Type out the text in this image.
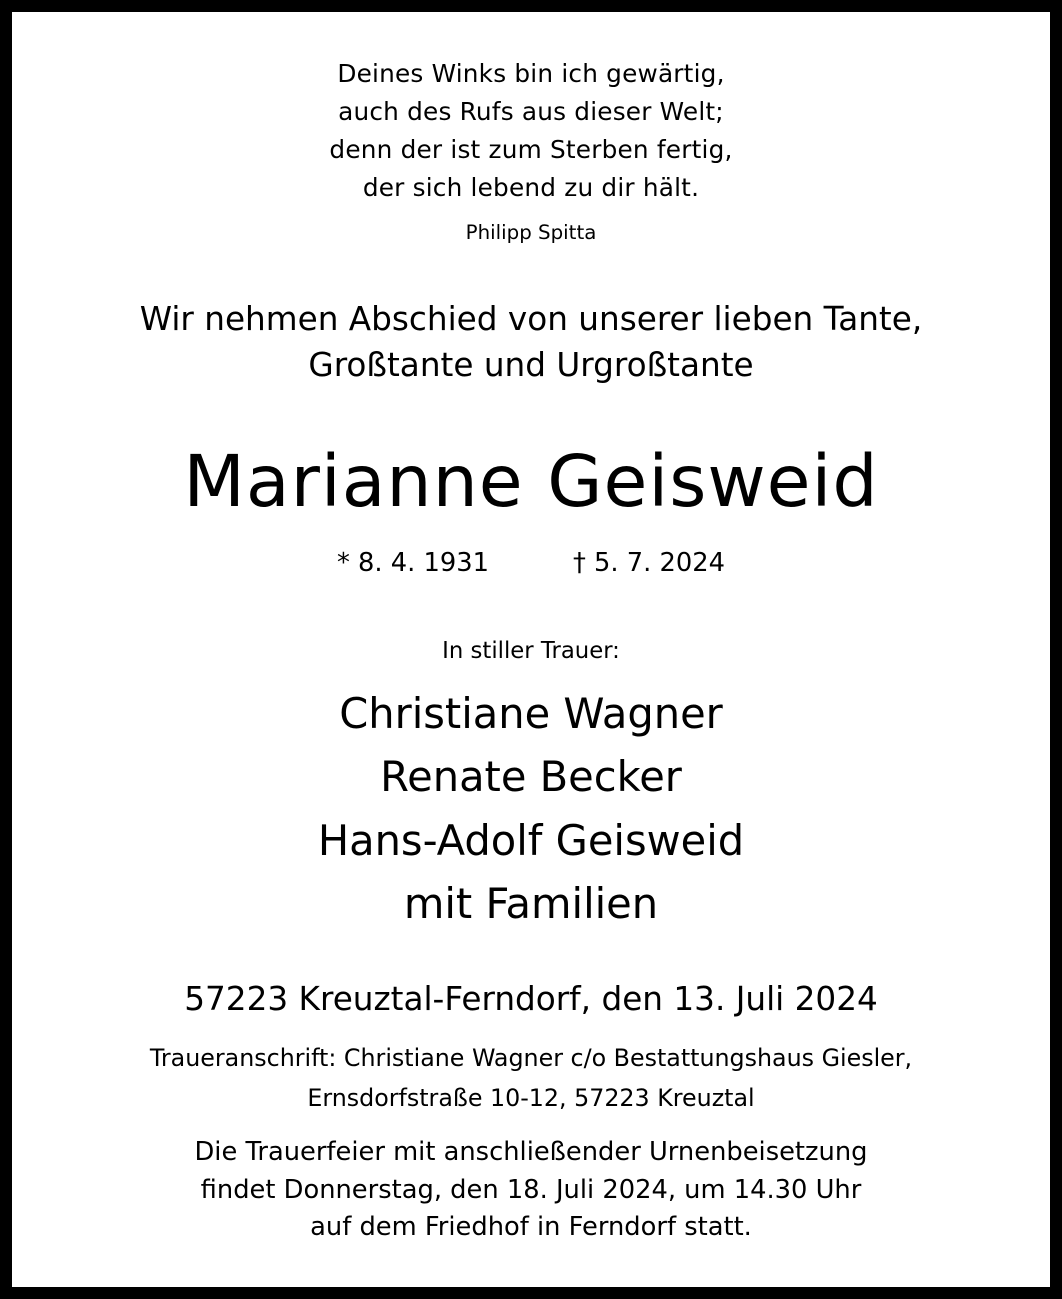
Deines Winks bin ich gewärtig,
auch des Rufs aus dieser Welt;
denn der ist zum Sterben fertig,
der sich lebend zu dir hält.
Philipp Spitta
Wir nehmen Abschied von unserer lieben Tante,
Großtante und Urgroßtante
Marianne Geisweid
* 8. 4. 1931	† 5. 7. 2024
In stiller Trauer:
Christiane Wagner
Renate Becker
Hans-Adolf Geisweid
mit Familien
57223 Kreuztal-Ferndorf, den 13. Juli 2024
Traueranschrift: Christiane Wagner c/o Bestattungshaus Giesler,
Ernsdorfstraße 10-12, 57223 Kreuztal
Die Trauerfeier mit anschließender Urnenbeisetzung
findet Donnerstag, den 18. Juli 2024, um 14.30 Uhr
auf dem Friedhof in Ferndorf statt.
